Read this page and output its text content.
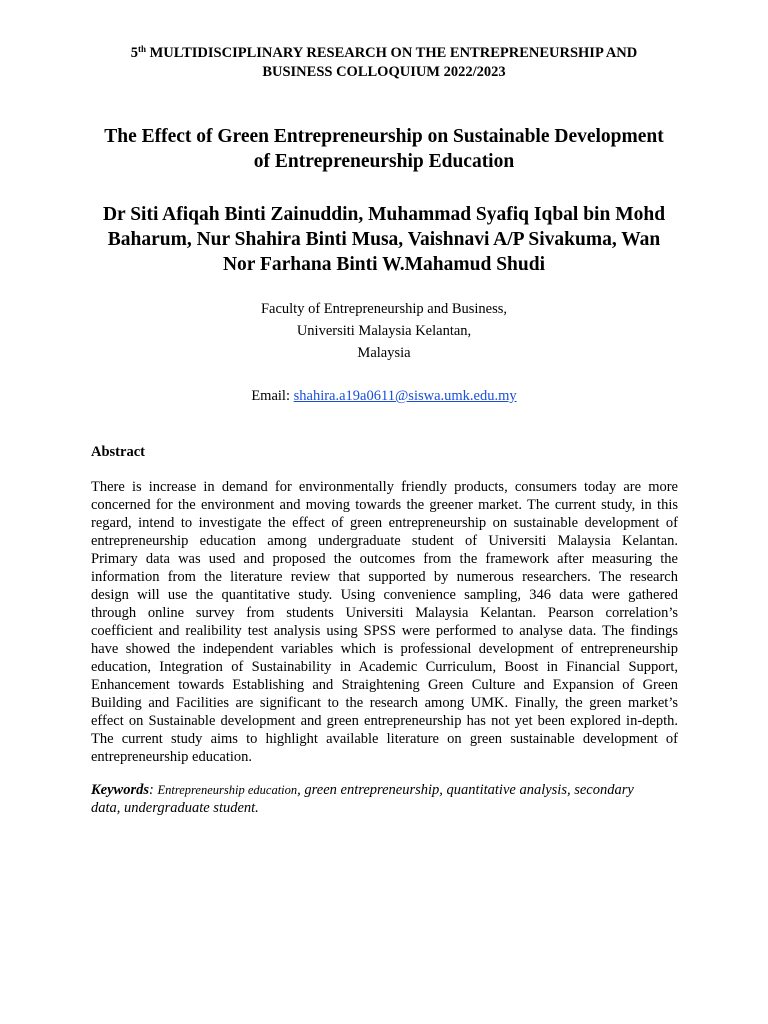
5th MULTIDISCIPLINARY RESEARCH ON THE ENTREPRENEURSHIP AND
BUSINESS COLLOQUIUM 2022/2023
The Effect of Green Entrepreneurship on Sustainable Development
of Entrepreneurship Education
Dr Siti Afiqah Binti Zainuddin, Muhammad Syafiq Iqbal bin Mohd
Baharum, Nur Shahira Binti Musa, Vaishnavi A/P Sivakuma, Wan
Nor Farhana Binti W.Mahamud Shudi
Faculty of Entrepreneurship and Business,
Universiti Malaysia Kelantan,
Malaysia
Email: shahira.a19a0611@siswa.umk.edu.my
Abstract
There is increase in demand for environmentally friendly products, consumers today are more
concerned for the environment and moving towards the greener market. The current study, in this
regard, intend to investigate the effect of green entrepreneurship on sustainable development of
entrepreneurship education among undergraduate student of Universiti Malaysia Kelantan.
Primary data was used and proposed the outcomes from the framework after measuring the
information from the literature review that supported by numerous researchers. The research
design will use the quantitative study. Using convenience sampling, 346 data were gathered
through online survey from students Universiti Malaysia Kelantan. Pearson correlation’s
coefficient and realibility test analysis using SPSS were performed to analyse data. The findings
have showed the independent variables which is professional development of entrepreneurship
education, Integration of Sustainability in Academic Curriculum, Boost in Financial Support,
Enhancement towards Establishing and Straightening Green Culture and Expansion of Green
Building and Facilities are significant to the research among UMK. Finally, the green market’s
effect on Sustainable development and green entrepreneurship has not yet been explored in-depth.
The current study aims to highlight available literature on green sustainable development of
entrepreneurship education.
Keywords: Entrepreneurship education, green entrepreneurship, quantitative analysis, secondary
data, undergraduate student.
